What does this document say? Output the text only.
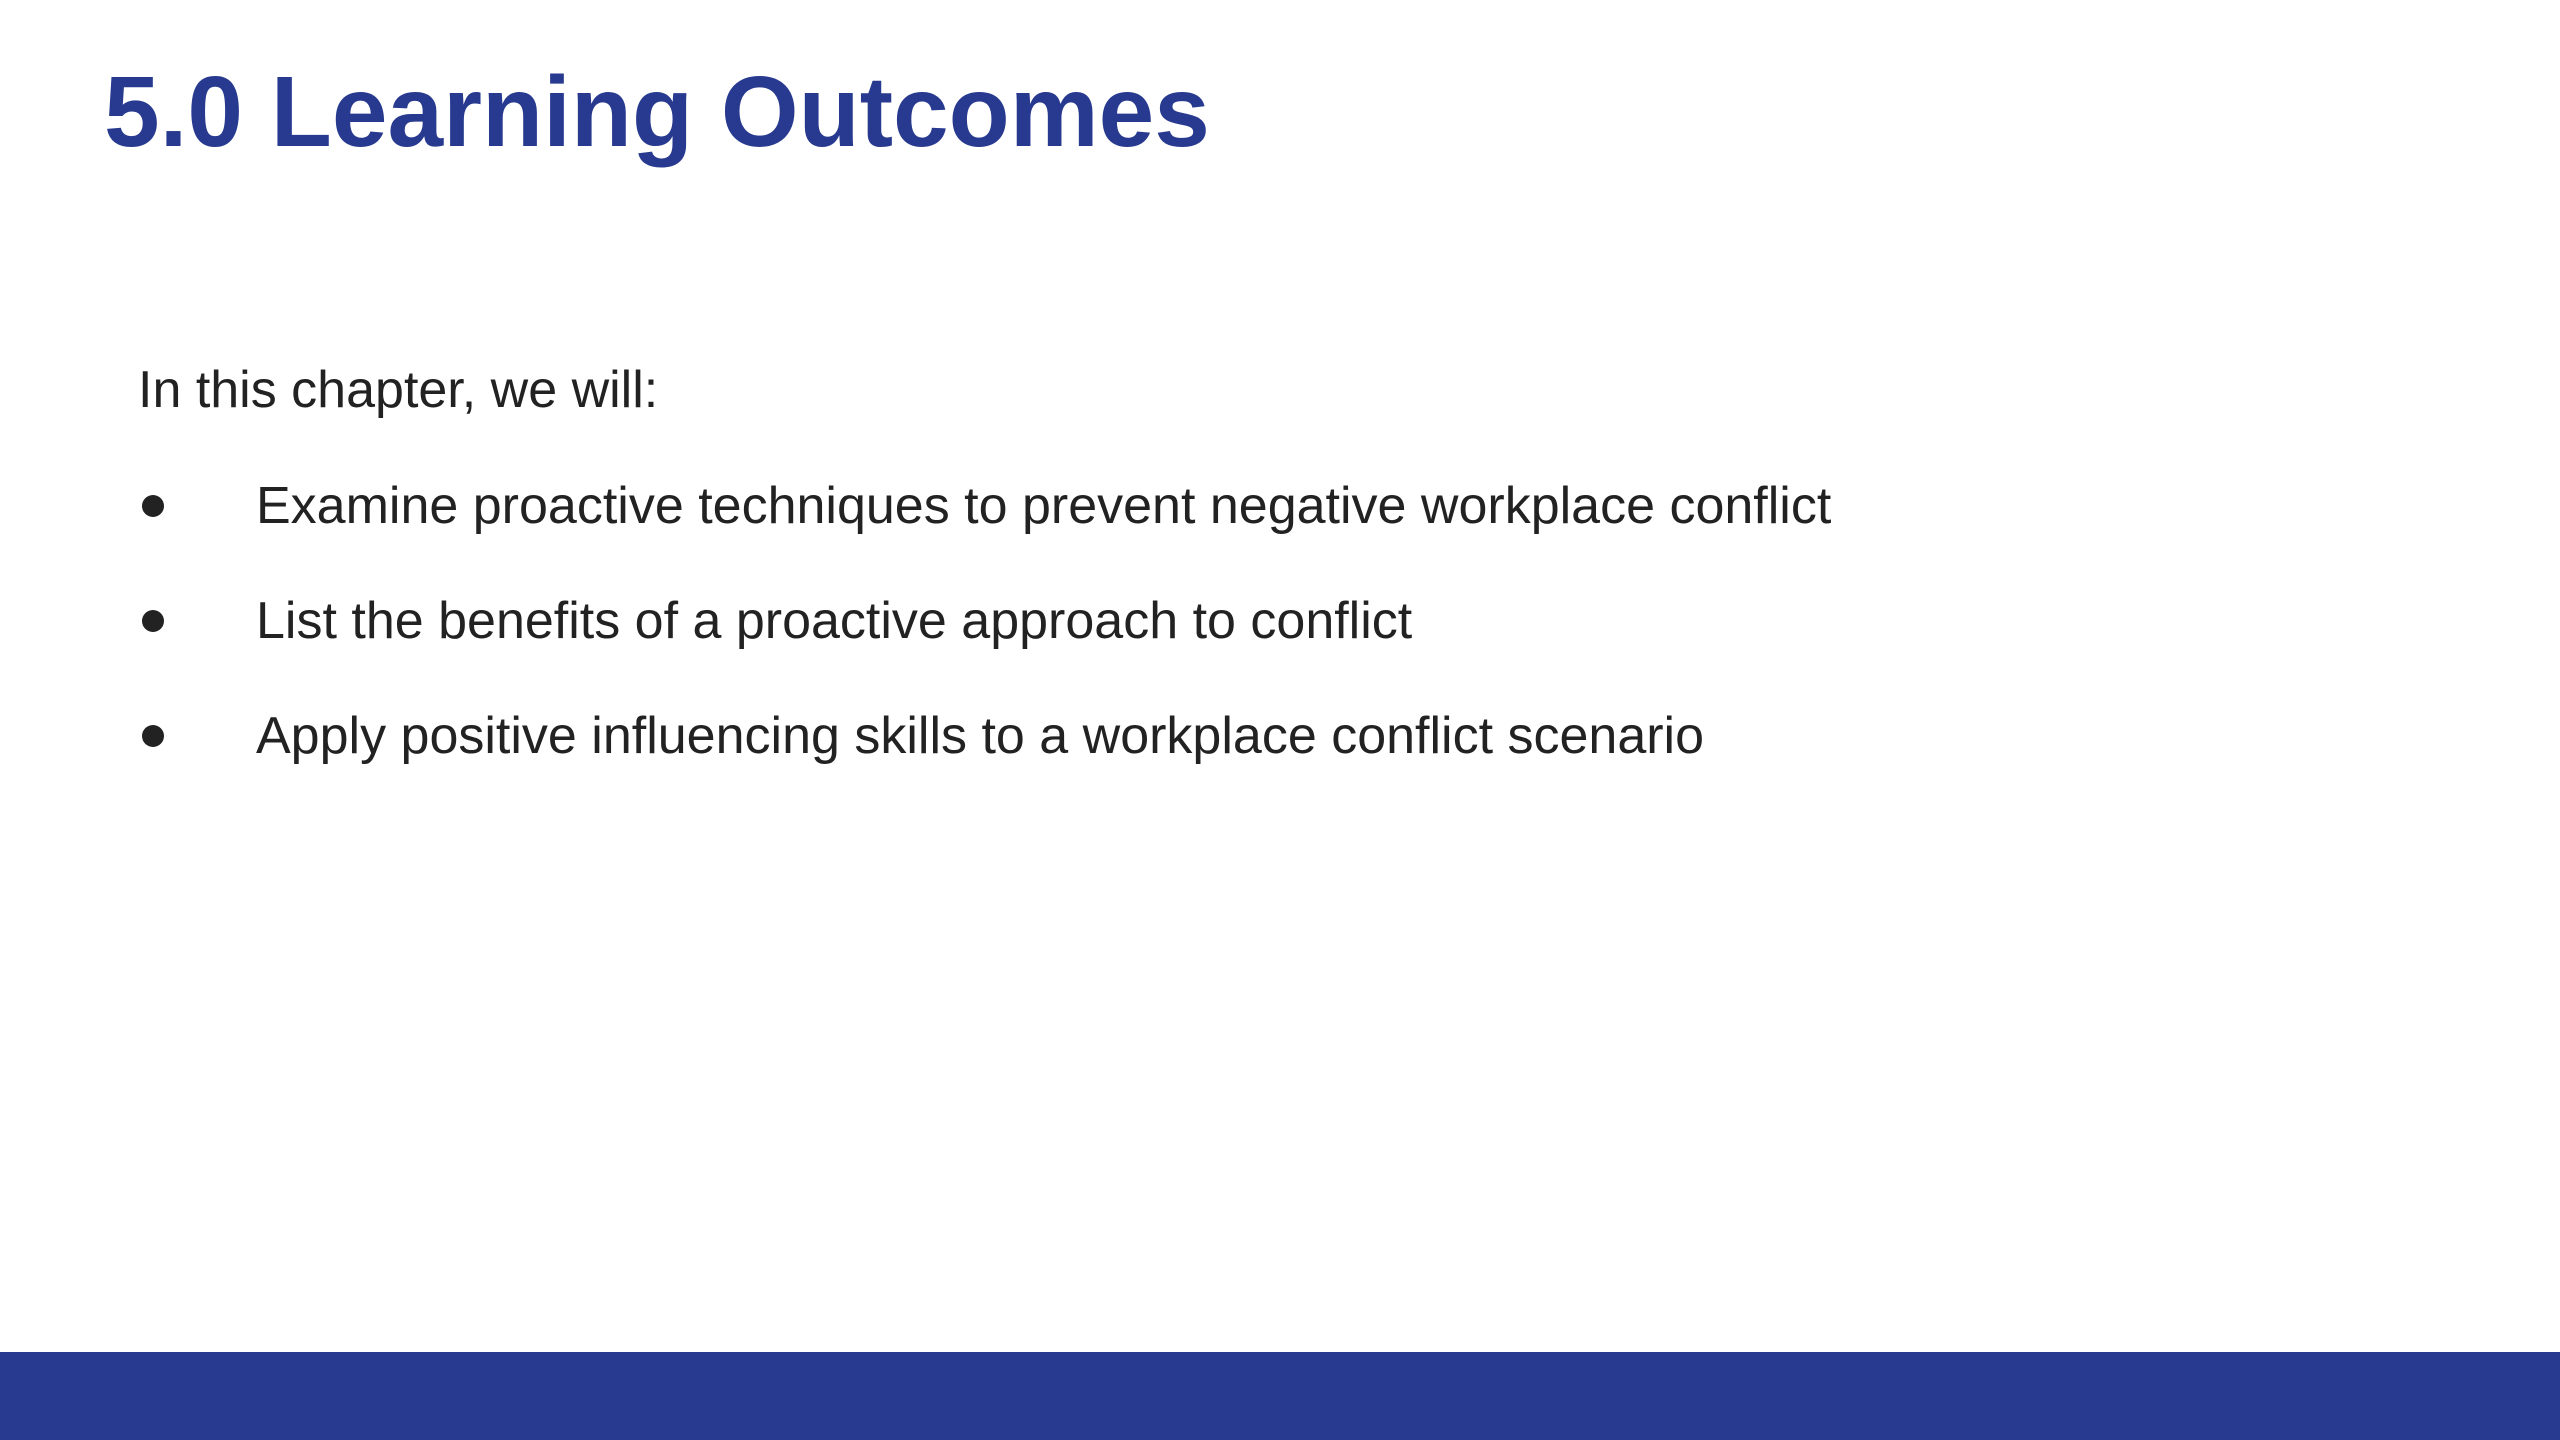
5.0 Learning Outcomes

In this chapter, we will:

Examine proactive techniques to prevent negative workplace conflict
List the benefits of a proactive approach to conflict
Apply positive influencing skills to a workplace conflict scenario
